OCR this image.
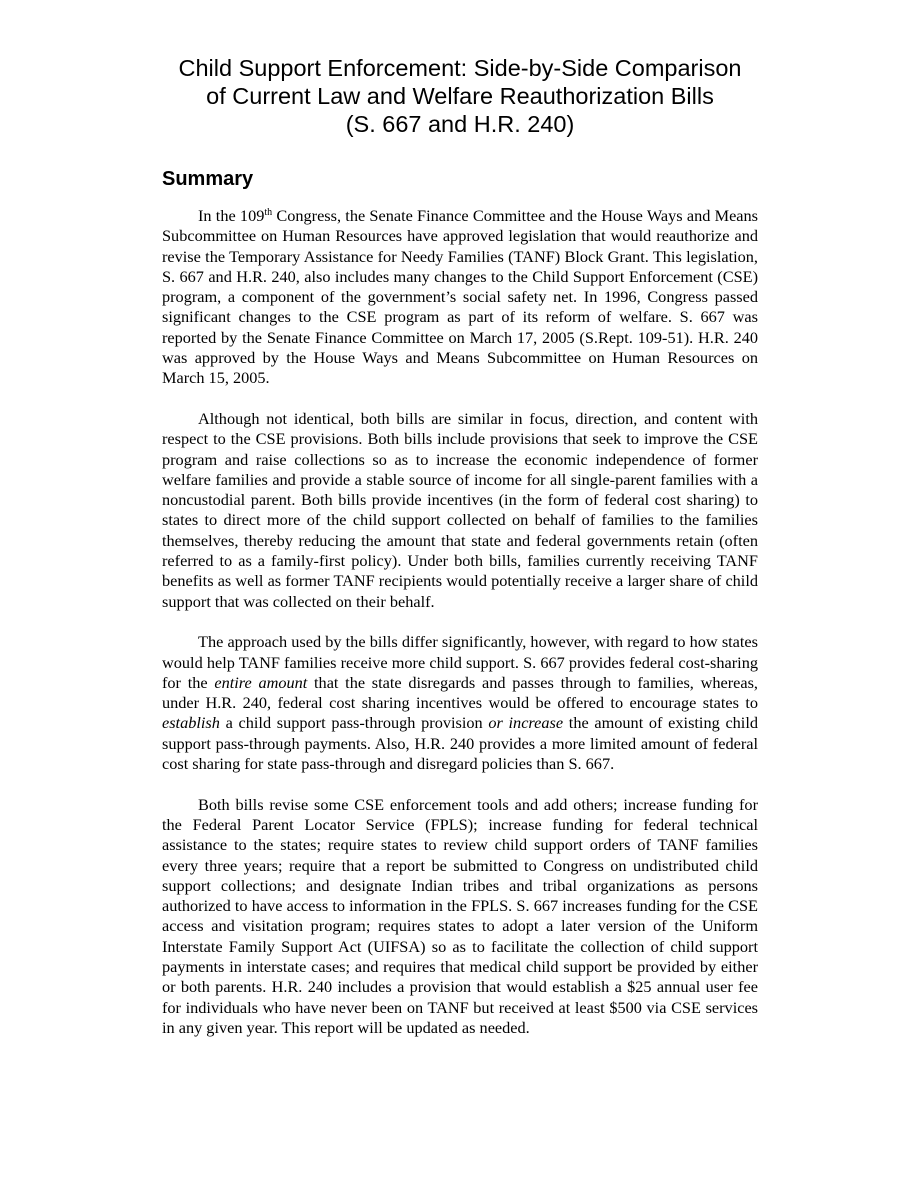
Child Support Enforcement: Side-by-Side Comparison
of Current Law and Welfare Reauthorization Bills
(S. 667 and H.R. 240)
Summary

In the 109th Congress, the Senate Finance Committee and the House Ways and Means Subcommittee on Human Resources have approved legislation that would reauthorize and revise the Temporary Assistance for Needy Families (TANF) Block Grant. This legislation, S. 667 and H.R. 240, also includes many changes to the Child Support Enforcement (CSE) program, a component of the government’s social safety net. In 1996, Congress passed significant changes to the CSE program as part of its reform of welfare. S. 667 was reported by the Senate Finance Committee on March 17, 2005 (S.Rept. 109-51). H.R. 240 was approved by the House Ways and Means Subcommittee on Human Resources on March 15, 2005.

Although not identical, both bills are similar in focus, direction, and content with respect to the CSE provisions. Both bills include provisions that seek to improve the CSE program and raise collections so as to increase the economic independence of former welfare families and provide a stable source of income for all single-parent families with a noncustodial parent. Both bills provide incentives (in the form of federal cost sharing) to states to direct more of the child support collected on behalf of families to the families themselves, thereby reducing the amount that state and federal governments retain (often referred to as a family-first policy). Under both bills, families currently receiving TANF benefits as well as former TANF recipients would potentially receive a larger share of child support that was collected on their behalf.

The approach used by the bills differ significantly, however, with regard to how states would help TANF families receive more child support. S. 667 provides federal cost-sharing for the entire amount that the state disregards and passes through to families, whereas, under H.R. 240, federal cost sharing incentives would be offered to encourage states to establish a child support pass-through provision or increase the amount of existing child support pass-through payments. Also, H.R. 240 provides a more limited amount of federal cost sharing for state pass-through and disregard policies than S. 667.

Both bills revise some CSE enforcement tools and add others; increase funding for the Federal Parent Locator Service (FPLS); increase funding for federal technical assistance to the states; require states to review child support orders of TANF families every three years; require that a report be submitted to Congress on undistributed child support collections; and designate Indian tribes and tribal organizations as persons authorized to have access to information in the FPLS. S. 667 increases funding for the CSE access and visitation program; requires states to adopt a later version of the Uniform Interstate Family Support Act (UIFSA) so as to facilitate the collection of child support payments in interstate cases; and requires that medical child support be provided by either or both parents. H.R. 240 includes a provision that would establish a $25 annual user fee for individuals who have never been on TANF but received at least $500 via CSE services in any given year. This report will be updated as needed.
